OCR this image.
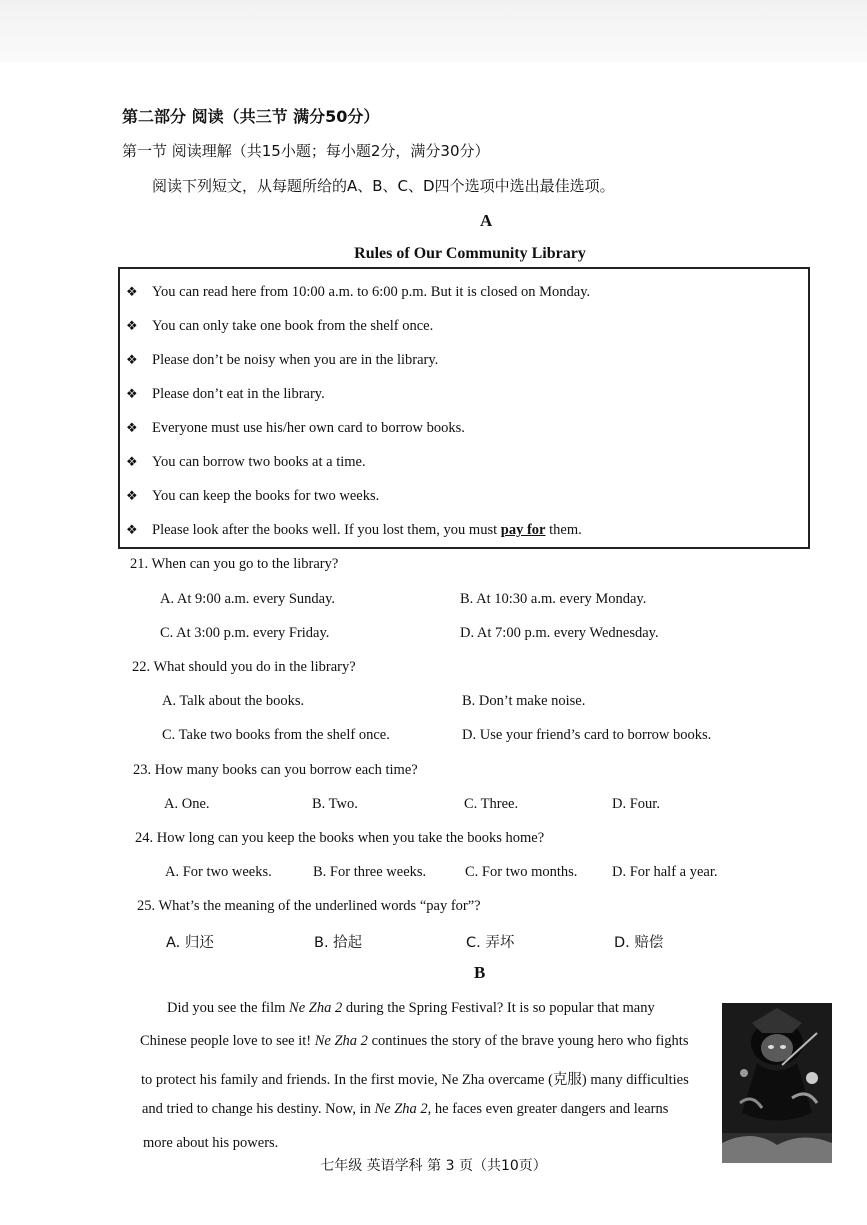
第二部分 阅读（共三节 满分50分）
第一节 阅读理解（共15小题；每小题2分，满分30分）
阅读下列短文，从每题所给的A、B、C、D四个选项中选出最佳选项。
A
Rules of Our Community Library
❖ You can read here from 10:00 a.m. to 6:00 p.m. But it is closed on Monday.
❖ You can only take one book from the shelf once.
❖ Please don’t be noisy when you are in the library.
❖ Please don’t eat in the library.
❖ Everyone must use his/her own card to borrow books.
❖ You can borrow two books at a time.
❖ You can keep the books for two weeks.
❖ Please look after the books well. If you lost them, you must pay for them.
21. When can you go to the library?
A. At 9:00 a.m. every Sunday.	B. At 10:30 a.m. every Monday.
C. At 3:00 p.m. every Friday.	D. At 7:00 p.m. every Wednesday.
22. What should you do in the library?
A. Talk about the books.	B. Don’t make noise.
C. Take two books from the shelf once.	D. Use your friend’s card to borrow books.
23. How many books can you borrow each time?
A. One.	B. Two.	C. Three.	D. Four.
24. How long can you keep the books when you take the books home?
A. For two weeks.	B. For three weeks.	C. For two months. D. For half a year.
25. What’s the meaning of the underlined words “pay for”?
A. 归还	B. 拾起	C. 弄坏	D. 赔偿
B
Did you see the film Ne Zha 2 during the Spring Festival? It is so popular that many
Chinese people love to see it! Ne Zha 2 continues the story of the brave young hero who fights
to protect his family and friends. In the first movie, Ne Zha overcame (克服) many difficulties
and tried to change his destiny. Now, in Ne Zha 2, he faces even greater dangers and learns
more about his powers.
七年级 英语学科 第 3 页（共10页）
